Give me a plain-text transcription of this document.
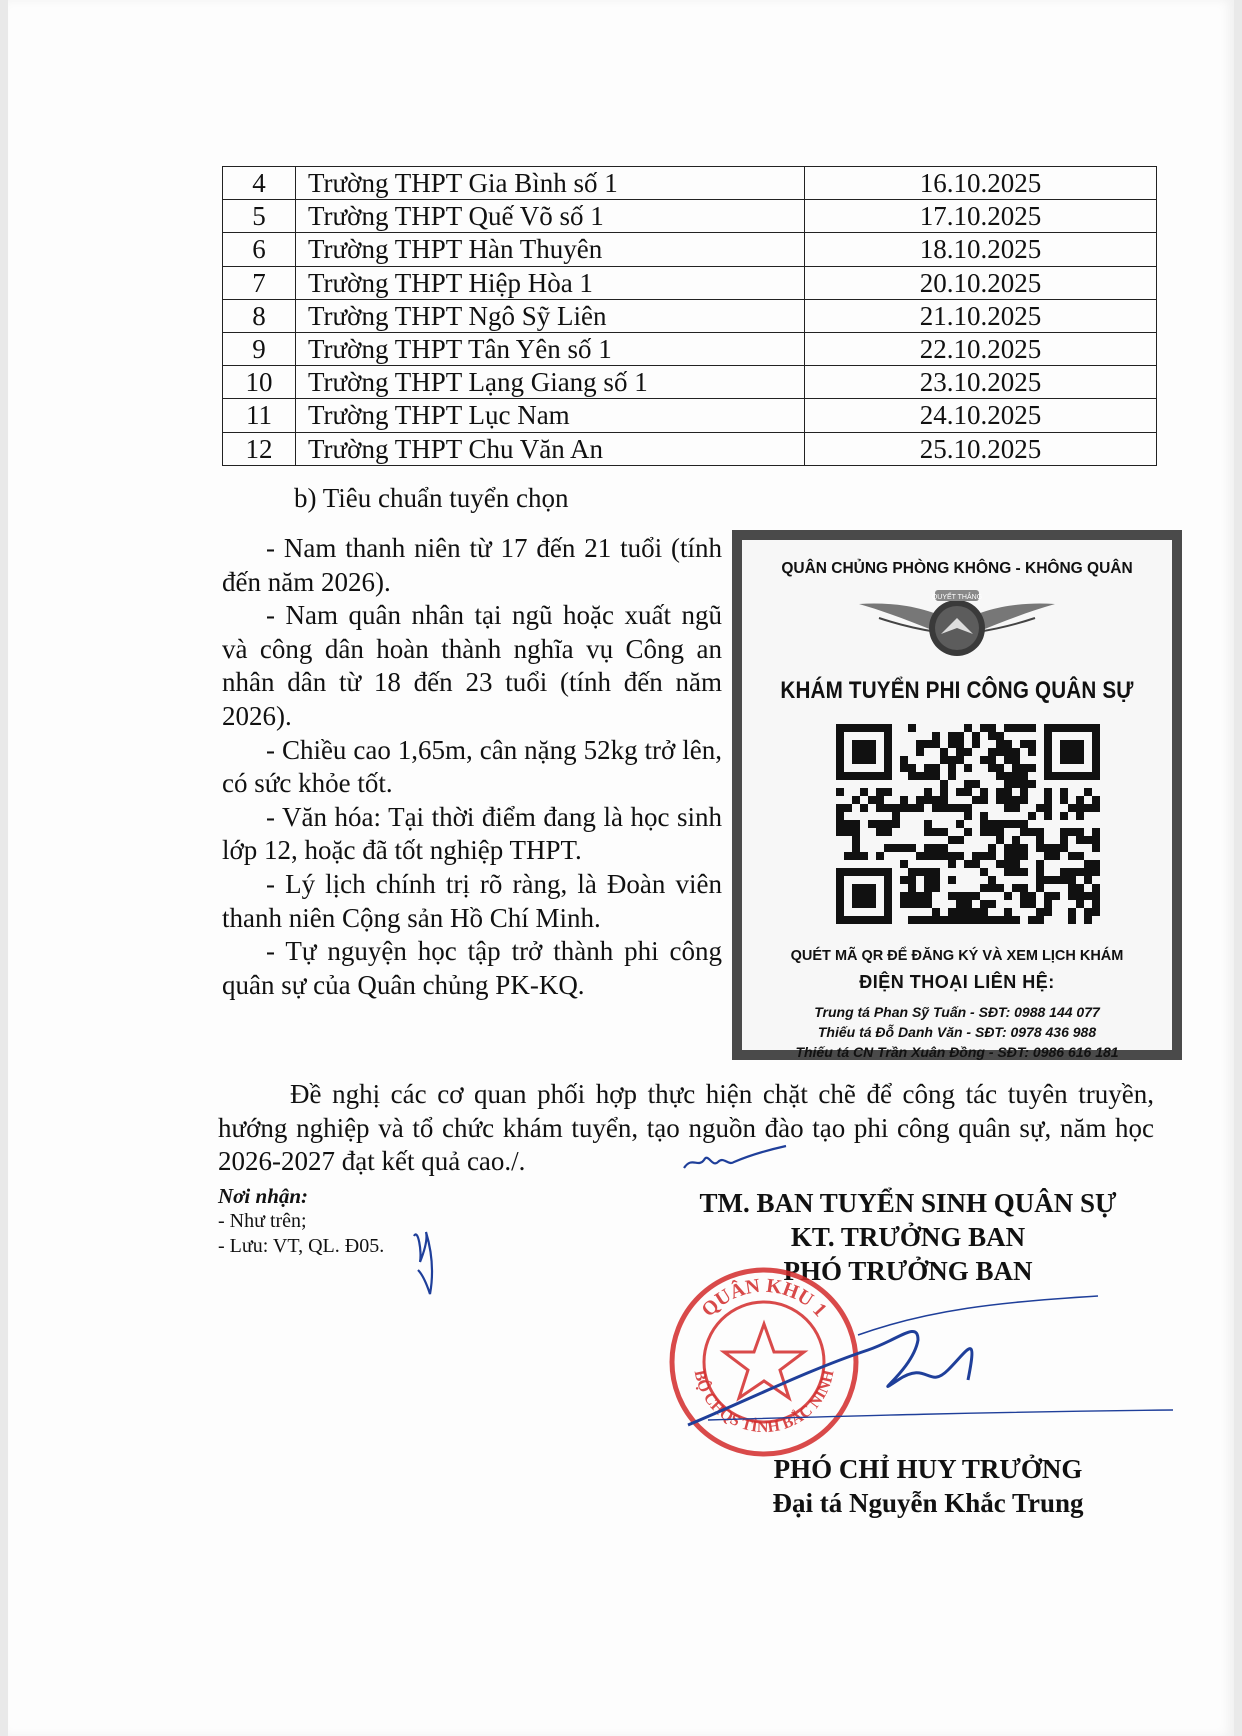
4	Trường THPT Gia Bình số 1	16.10.2025
5	Trường THPT Quế Võ số 1	17.10.2025
6	Trường THPT Hàn Thuyên	18.10.2025
7	Trường THPT Hiệp Hòa 1	20.10.2025
8	Trường THPT Ngô Sỹ Liên	21.10.2025
9	Trường THPT Tân Yên số 1	22.10.2025
10	Trường THPT Lạng Giang số 1	23.10.2025
11	Trường THPT Lục Nam	24.10.2025
12	Trường THPT Chu Văn An	25.10.2025
b) Tiêu chuẩn tuyển chọn

- Nam thanh niên từ 17 đến 21 tuổi (tính đến năm 2026).

- Nam quân nhân tại ngũ hoặc xuất ngũ và công dân hoàn thành nghĩa vụ Công an nhân dân từ 18 đến 23 tuổi (tính đến năm 2026).

- Chiều cao 1,65m, cân nặng 52kg trở lên, có sức khỏe tốt.

- Văn hóa: Tại thời điểm đang là học sinh lớp 12, hoặc đã tốt nghiệp THPT.

- Lý lịch chính trị rõ ràng, là Đoàn viên thanh niên Cộng sản Hồ Chí Minh.

- Tự nguyện học tập trở thành phi công quân sự của Quân chủng PK-KQ.

QUÂN CHỦNG PHÒNG KHÔNG - KHÔNG QUÂN
QUYẾT THẮNG
KHÁM TUYỂN PHI CÔNG QUÂN SỰ
QUÉT MÃ QR ĐỂ ĐĂNG KÝ VÀ XEM LỊCH KHÁM
ĐIỆN THOẠI LIÊN HỆ:
Trung tá Phan Sỹ Tuấn - SĐT: 0988 144 077
Thiếu tá Đỗ Danh Văn - SĐT: 0978 436 988
Thiếu tá CN Trần Xuân Đồng - SĐT: 0986 616 181
Đề nghị các cơ quan phối hợp thực hiện chặt chẽ để công tác tuyên truyền, hướng nghiệp và tổ chức khám tuyển, tạo nguồn đào tạo phi công quân sự, năm học 2026-2027 đạt kết quả cao./.
Nơi nhận:
- Như trên;
- Lưu: VT, QL. Đ05.
TM. BAN TUYỂN SINH QUÂN SỰ
KT. TRƯỞNG BAN
PHÓ TRƯỞNG BAN
QUÂN KHU 1
BỘ CHQS TỈNH BẮC NINH
PHÓ CHỈ HUY TRƯỞNG
Đại tá Nguyễn Khắc Trung
